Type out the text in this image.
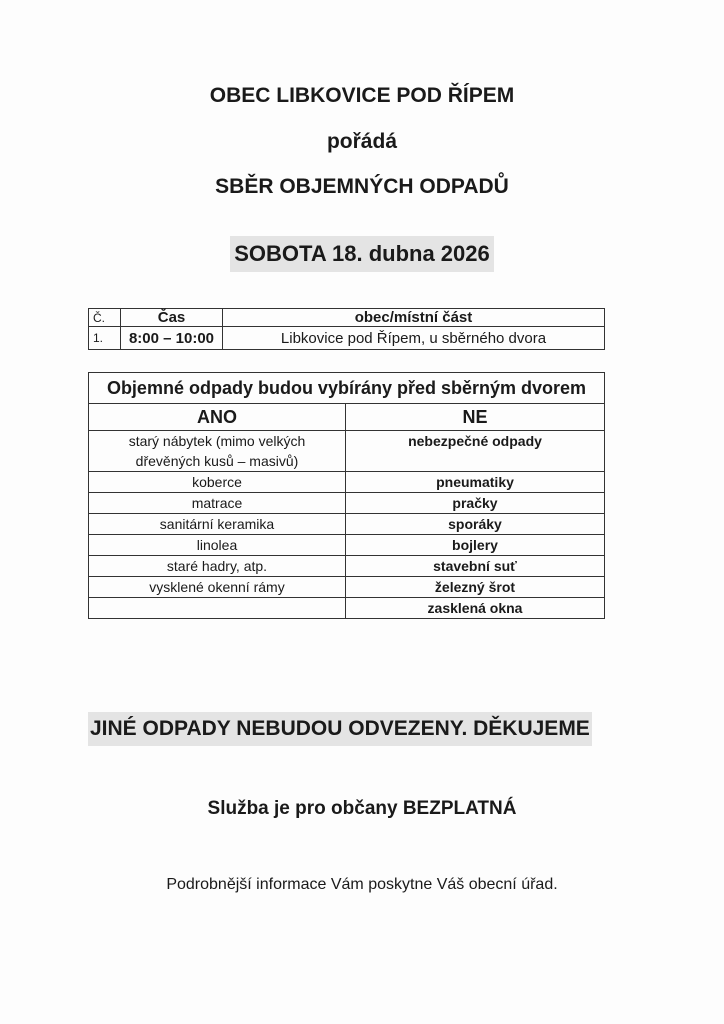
OBEC LIBKOVICE POD ŘÍPEM
pořádá
SBĚR OBJEMNÝCH ODPADŮ
SOBOTA 18. dubna 2026
Č.	Čas	obec/místní část
1.	8:00 – 10:00	Libkovice pod Řípem, u sběrného dvora
Objemné odpady budou vybírány před sběrným dvorem	
ANO	NE

starý nábytek (mimo velkých
dřevěných kusů – masivů)	nebezpečné odpady
koberce	pneumatiky
matrace	pračky
sanitární keramika	sporáky
linolea	bojlery
staré hadry, atp.	stavební suť
vysklené okenní rámy	železný šrot
	zasklená okna
JINÉ ODPADY NEBUDOU ODVEZENY. DĚKUJEME
Služba je pro občany BEZPLATNÁ
Podrobnější informace Vám poskytne Váš obecní úřad.
